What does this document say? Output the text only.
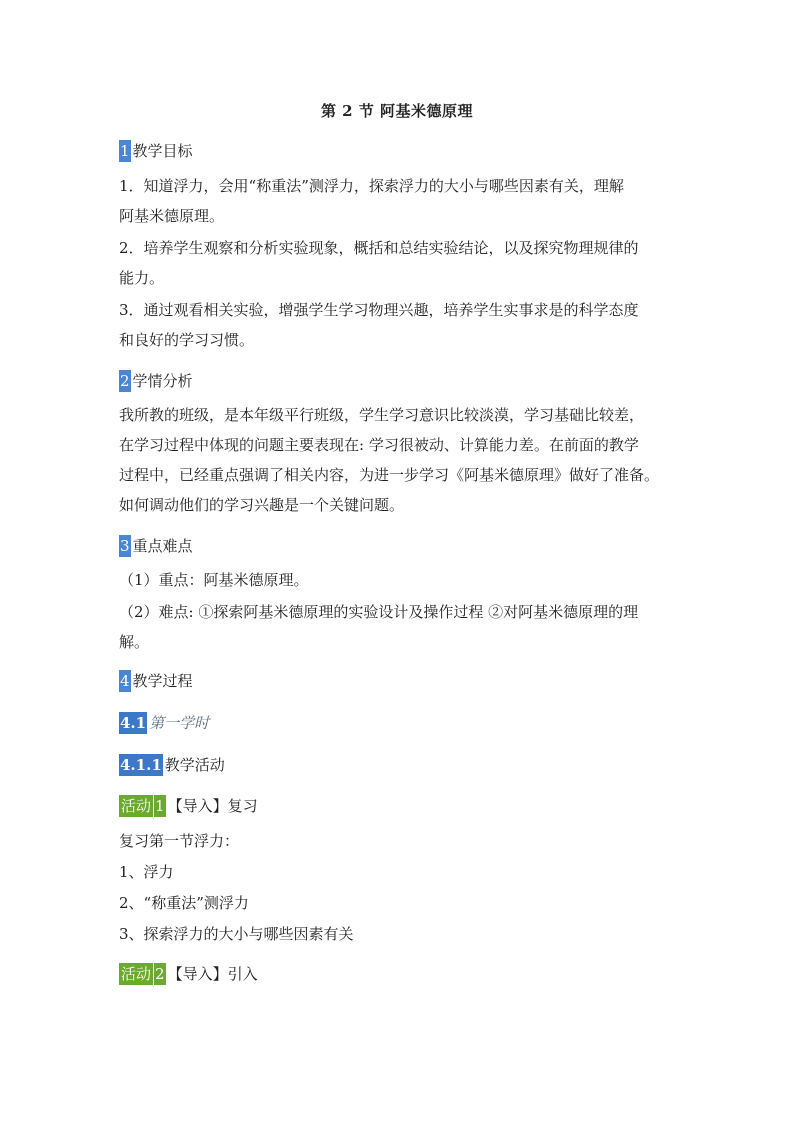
第 2 节 阿基米德原理
1 教学目标
1．知道浮力，会用“称重法”测浮力，探索浮力的大小与哪些因素有关，理解
阿基米德原理。
2．培养学生观察和分析实验现象，概括和总结实验结论，以及探究物理规律的
能力。
3．通过观看相关实验，增强学生学习物理兴趣，培养学生实事求是的科学态度
和良好的学习习惯。
2 学情分析
我所教的班级，是本年级平行班级，学生学习意识比较淡漠，学习基础比较差，
在学习过程中体现的问题主要表现在: 学习很被动、计算能力差。在前面的教学
过程中，已经重点强调了相关内容，为进一步学习《阿基米德原理》做好了准备。
如何调动他们的学习兴趣是一个关键问题。
3 重点难点
（1）重点：阿基米德原理。
（2）难点: ①探索阿基米德原理的实验设计及操作过程 ②对阿基米德原理的理
解。
4 教学过程
4.1 第一学时
4.1.1 教学活动
活动 1 【导入】复习
复习第一节浮力：
1、浮力
2、“称重法”测浮力
3、探索浮力的大小与哪些因素有关
活动 2 【导入】引入
